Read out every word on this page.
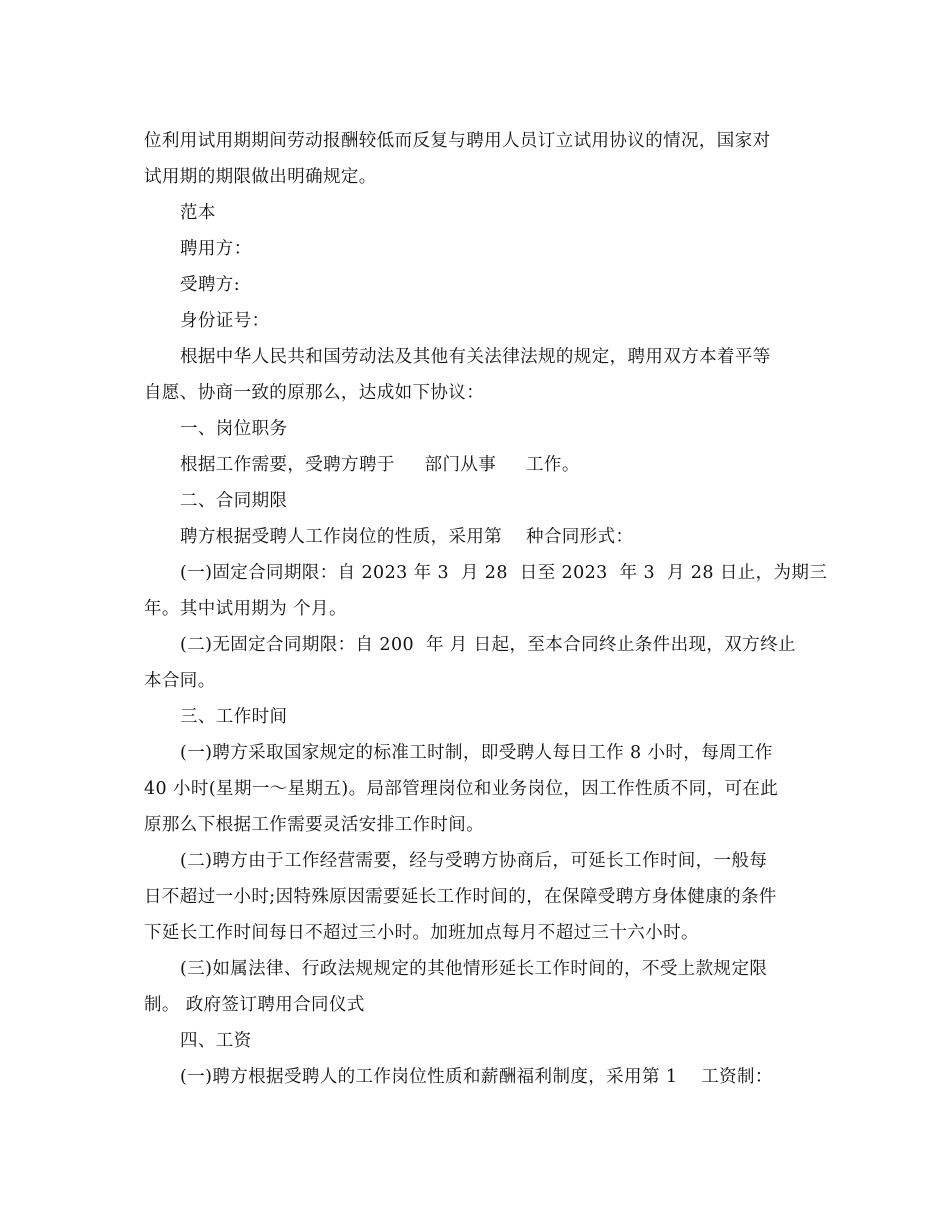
位利用试用期期间劳动报酬较低而反复与聘用人员订立试用协议的情况，国家对
试用期的期限做出明确规定。
范本
聘用方：
受聘方:
身份证号：
根据中华人民共和国劳动法及其他有关法律法规的规定，聘用双方本着平等
自愿、协商一致的原那么，达成如下协议：
一、岗位职务
根据工作需要，受聘方聘于     部门从事     工作。
二、合同期限
聘方根据受聘人工作岗位的性质，采用第    种合同形式：
(一)固定合同期限：自 2023 年 3  月 28  日至 2023  年 3  月 28 日止，为期三
年。其中试用期为 个月。
(二)无固定合同期限：自 200  年 月 日起，至本合同终止条件出现，双方终止
本合同。
三、工作时间
(一)聘方采取国家规定的标准工时制，即受聘人每日工作 8 小时，每周工作
40 小时(星期一～星期五)。局部管理岗位和业务岗位，因工作性质不同，可在此
原那么下根据工作需要灵活安排工作时间。
(二)聘方由于工作经营需要，经与受聘方协商后，可延长工作时间，一般每
日不超过一小时;因特殊原因需要延长工作时间的，在保障受聘方身体健康的条件
下延长工作时间每日不超过三小时。加班加点每月不超过三十六小时。
(三)如属法律、行政法规规定的其他情形延长工作时间的，不受上款规定限
制。 政府签订聘用合同仪式
四、工资
(一)聘方根据受聘人的工作岗位性质和薪酬福利制度，采用第 1    工资制：
